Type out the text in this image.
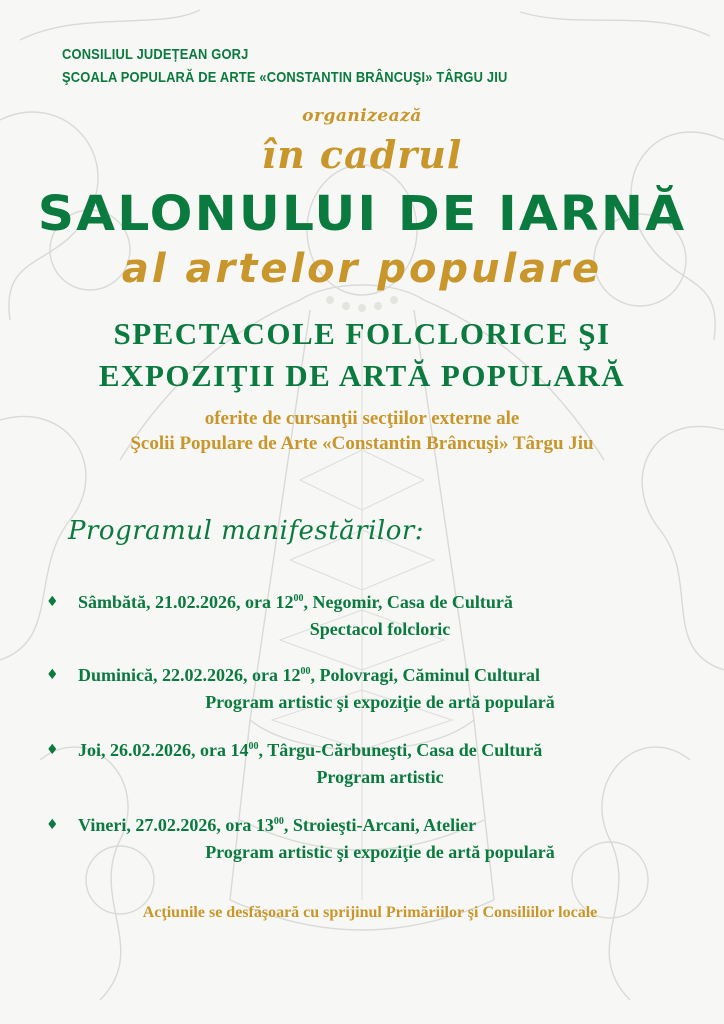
CONSILIUL JUDEȚEAN GORJ

ŞCOALA POPULARĂ DE ARTE «CONSTANTIN BRÂNCUŞI» TÂRGU JIU

organizează

în cadrul

SALONULUI DE IARNĂ

al artelor populare

SPECTACOLE FOLCLORICE ŞI

EXPOZIŢII DE ARTĂ POPULARĂ

oferite de cursanţii secţiilor externe ale

Şcolii Populare de Arte «Constantin Brâncuşi» Târgu Jiu

Programul manifestărilor:

♦	Sâmbătă, 21.02.2026, ora $12^{00}$, Negomir, Casa de Cultură

Spectacol folcloric

♦	Duminică, 22.02.2026, ora $12^{00}$, Polovragi, Căminul Cultural

Program artistic şi expoziţie de artă populară

♦	Joi, 26.02.2026, ora $14^{00}$, Târgu-Cărbuneşti, Casa de Cultură

Program artistic

♦	Vineri, 27.02.2026, ora $13^{00}$, Stroieşti-Arcani, Atelier

Program artistic şi expoziţie de artă populară

Acţiunile se desfăşoară cu sprijinul Primăriilor şi Consiliilor locale
